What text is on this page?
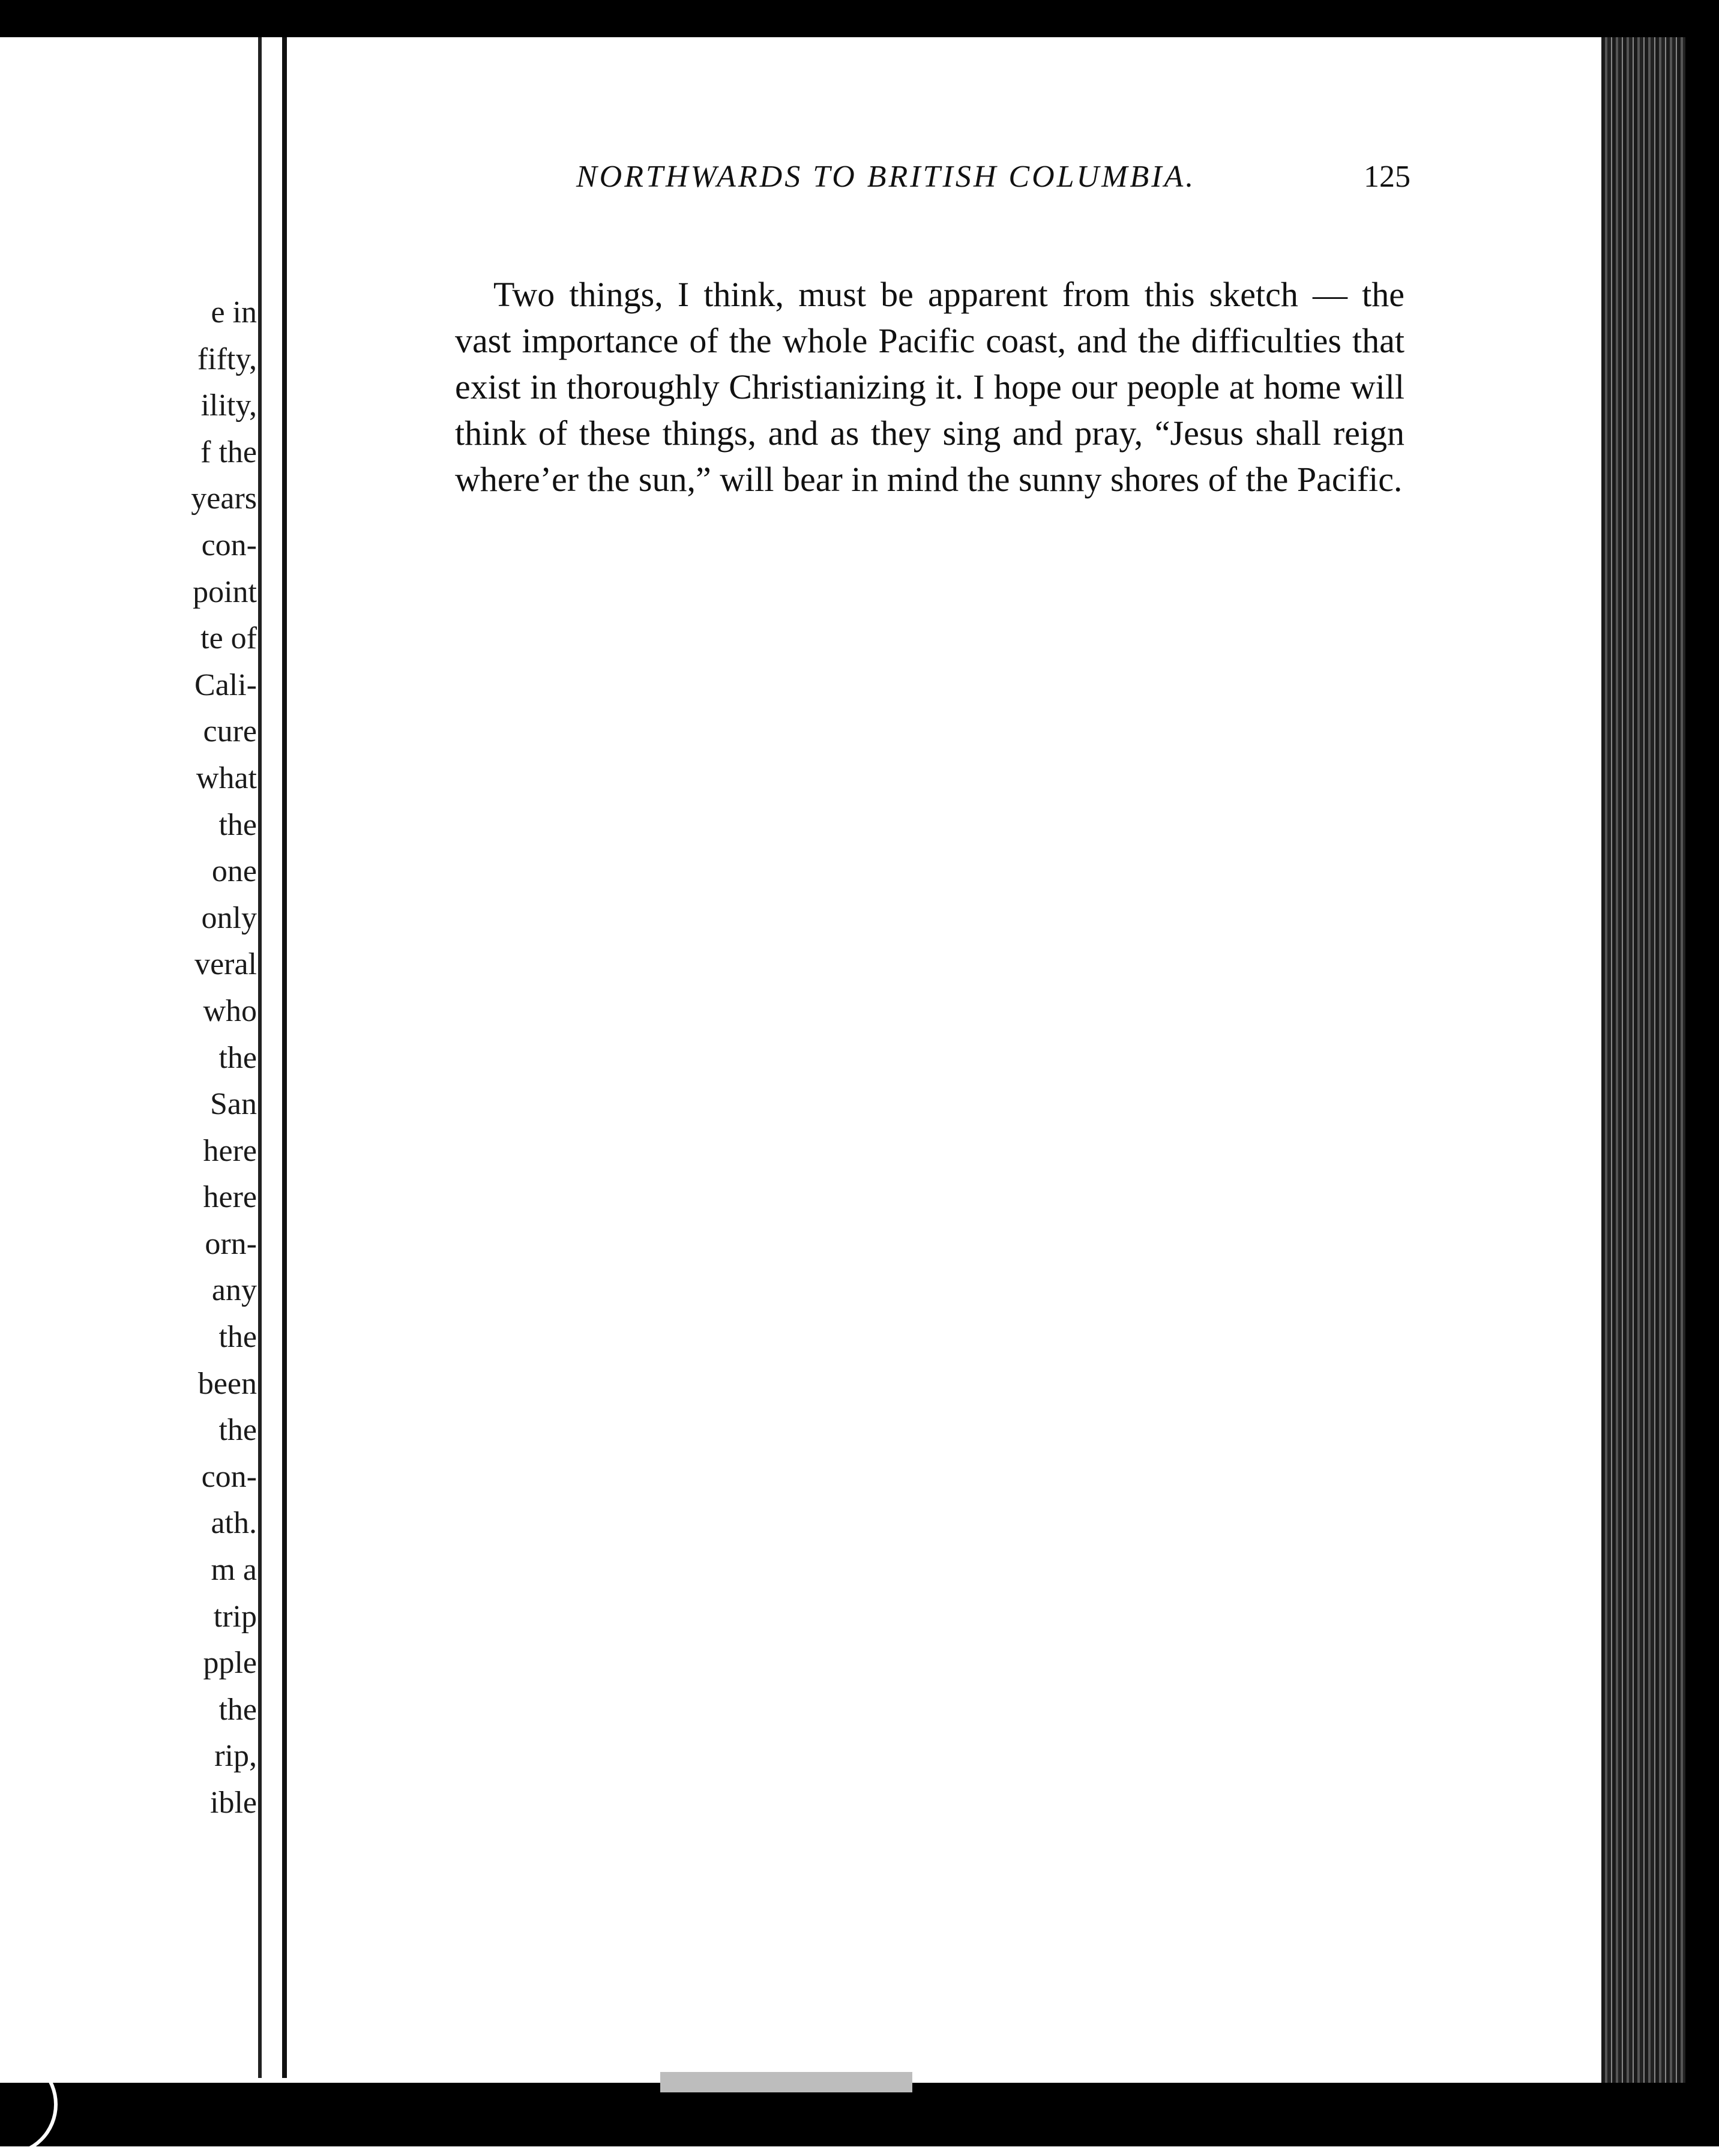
e in
fifty,
ility,
f the
years
con-
point
te of
Cali-
cure
what
the
one
only
veral
who
the
San
here
here
orn-
any
the
been
the
con-
ath.
m a
trip
pple
the
rip,
ible
NORTHWARDS TO BRITISH COLUMBIA.	125

Two things, I think, must be apparent from this sketch — the vast importance of the whole Pacific coast, and the difficulties that exist in thoroughly Christianizing it. I hope our people at home will think of these things, and as they sing and pray, “Jesus shall reign where’er the sun,” will bear in mind the sunny shores of the Pacific.
